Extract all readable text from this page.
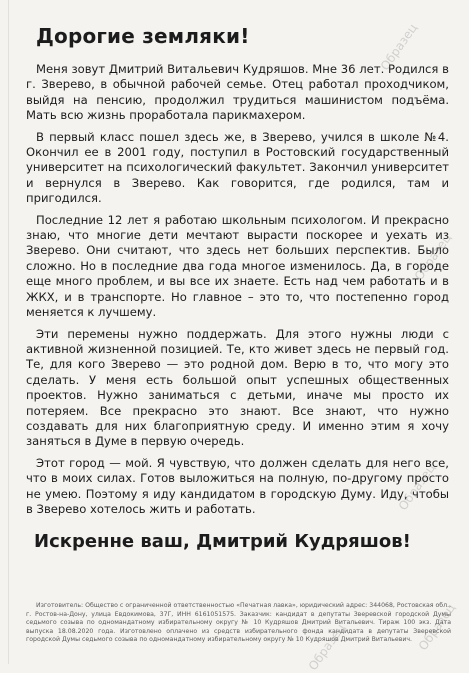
Дорогие земляки!

Меня зовут Дмитрий Витальевич Кудряшов. Мне 36 лет. Родился в г. Зверево, в обычной рабочей семье. Отец работал проходчиком, выйдя на пенсию, продолжил трудиться машинистом подъёма. Мать всю жизнь проработала парикмахером.

В первый класс пошел здесь же, в Зверево, учился в школе №4. Окончил ее в 2001 году, поступил в Ростовский государственный университет на психологический факультет. Закончил университет и вернулся в Зверево. Как говорится, где родился, там и пригодился.

Последние 12 лет я работаю школьным психологом. И прекрасно знаю, что многие дети мечтают вырасти поскорее и уехать из Зверево. Они считают, что здесь нет больших перспектив. Было сложно. Но в последние два года многое изменилось. Да, в городе еще много проблем, и вы все их знаете. Есть над чем работать и в ЖКХ, и в транспорте. Но главное – это то, что постепенно город меняется к лучшему.

Эти перемены нужно поддержать. Для этого нужны люди с активной жизненной позицией. Те, кто живет здесь не первый год. Те, для кого Зверево — это родной дом. Верю в то, что могу это сделать. У меня есть большой опыт успешных общественных проектов. Нужно заниматься с детьми, иначе мы просто их потеряем. Все прекрасно это знают. Все знают, что нужно создавать для них благоприятную среду. И именно этим я хочу заняться в Думе в первую очередь.

Этот город — мой. Я чувствую, что должен сделать для него все, что в моих силах. Готов выложиться на полную, по-другому просто не умею. Поэтому я иду кандидатом в городскую Думу. Иду, чтобы в Зверево хотелось жить и работать.

Искренне ваш, Дмитрий Кудряшов!
Изготовитель: Общество с ограниченной ответственностью «Печатная лавка», юридический адрес: 344068, Ростовская обл., г. Ростов-на-Дону, улица Евдокимова, 37Г, ИНН 6161051575. Заказчик: кандидат в депутаты Зверевской городской Думы седьмого созыва по одномандатному избирательному округу № 10 Кудряшов Дмитрий Витальевич. Тираж 100 экз. Дата выпуска 18.08.2020 года. Изготовлено оплачено из средств избирательного фонда кандидата в депутаты Зверевской городской Думы седьмого созыва по одномандатному избирательному округу № 10 Кудряшов Дмитрий Витальевич.
Образец
Образец
Образец
Образец	Образец
